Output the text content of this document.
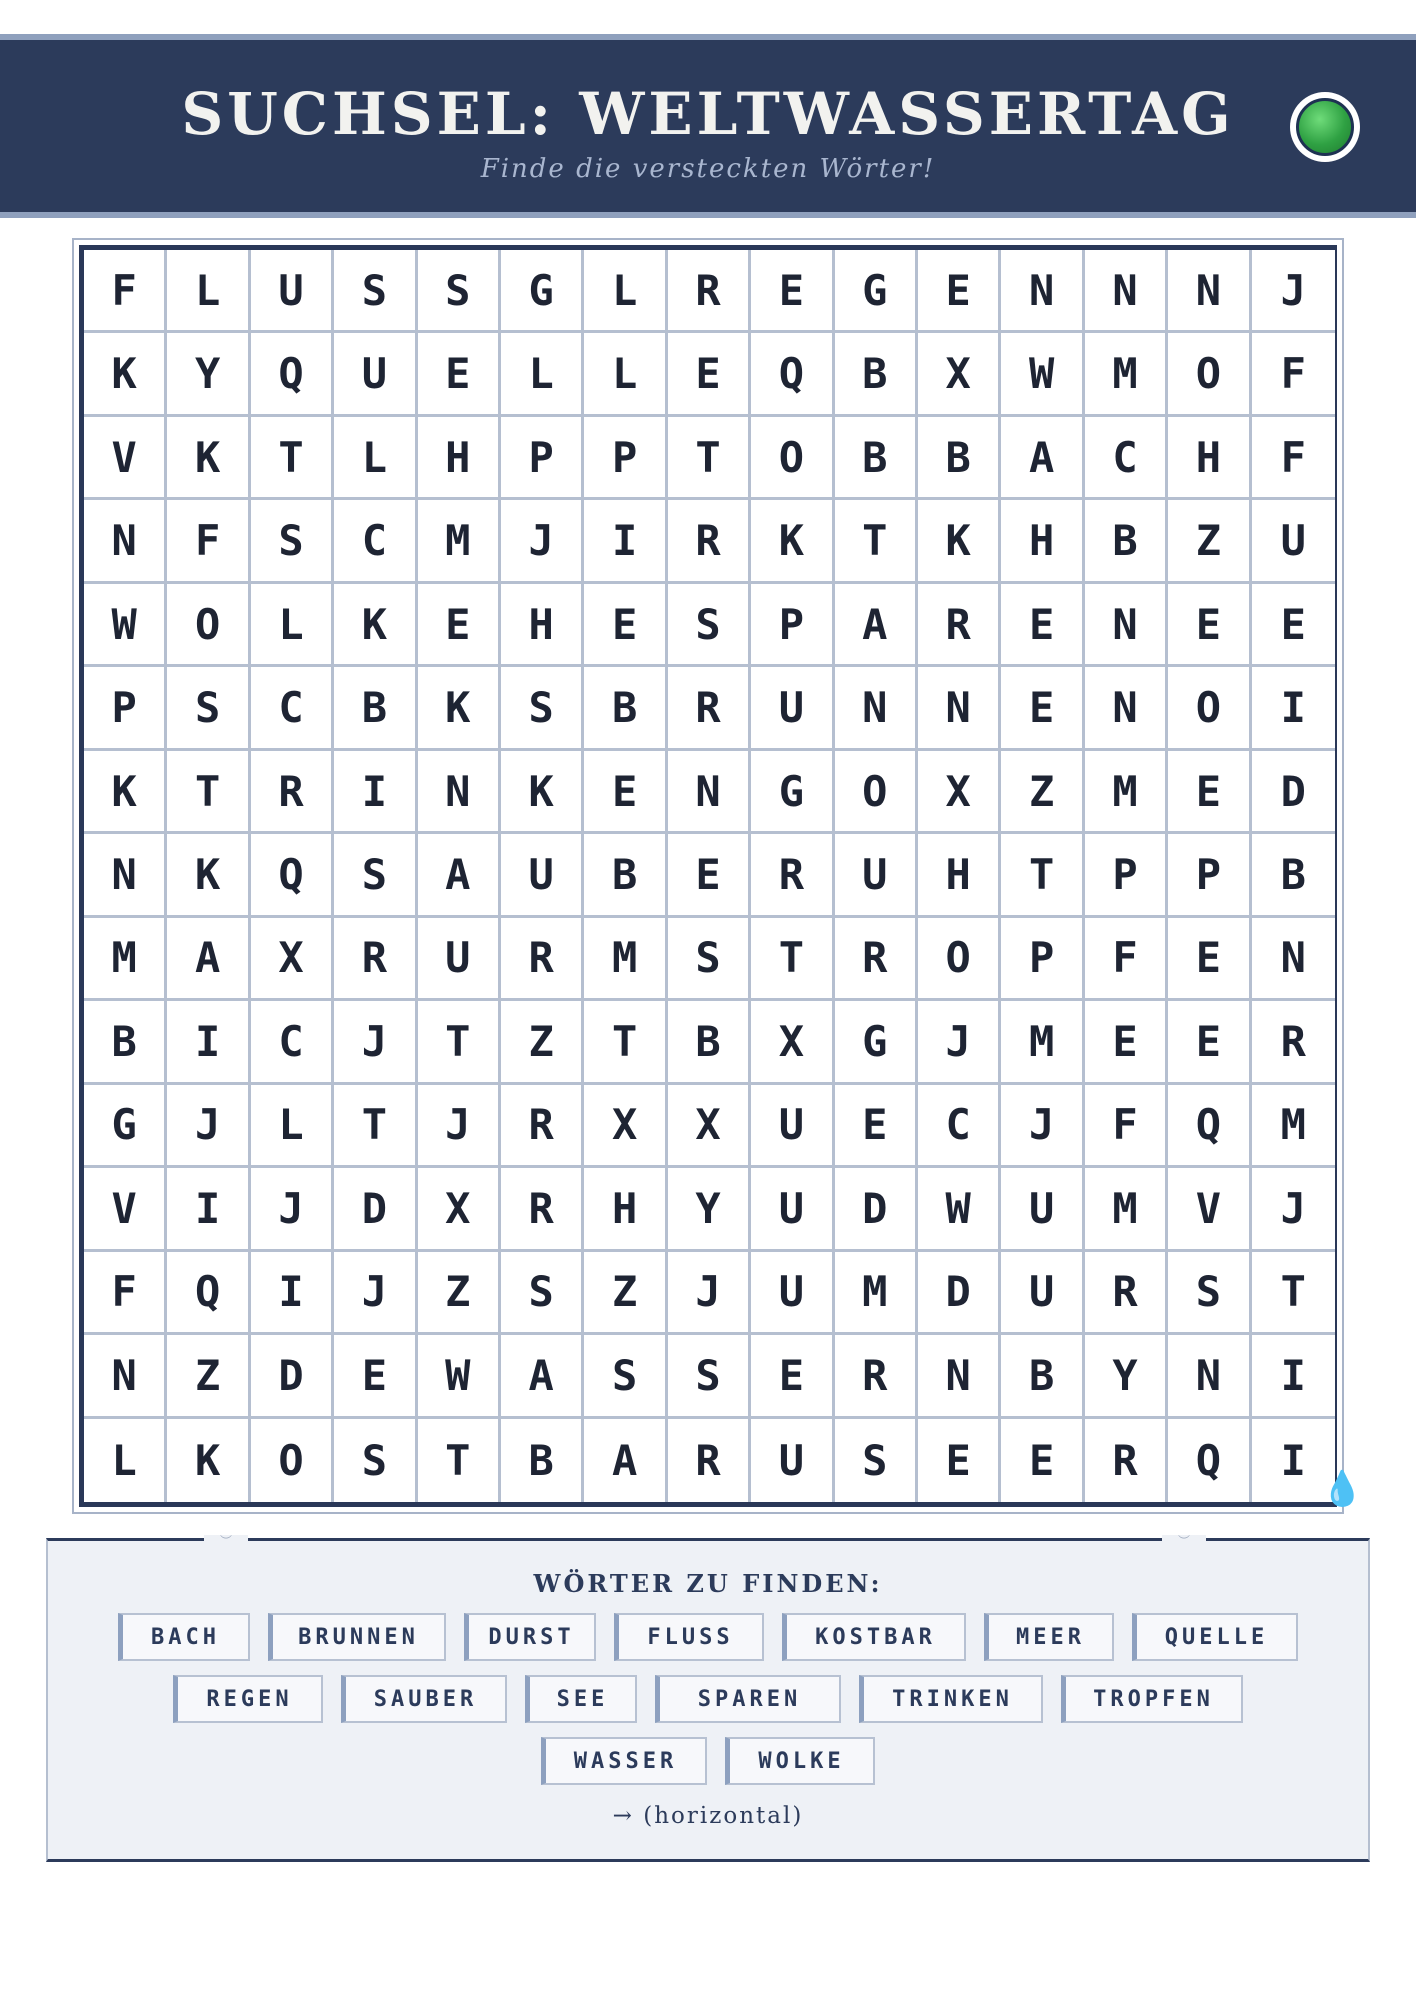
SUCHSEL: WELTWASSERTAG
Finde die versteckten Wörter!
F	L	U	S	S	G	L	R	E	G	E	N	N	N	J
K	Y	Q	U	E	L	L	E	Q	B	X	W	M	O	F
V	K	T	L	H	P	P	T	O	B	B	A	C	H	F
N	F	S	C	M	J	I	R	K	T	K	H	B	Z	U
W	O	L	K	E	H	E	S	P	A	R	E	N	E	E
P	S	C	B	K	S	B	R	U	N	N	E	N	O	I
K	T	R	I	N	K	E	N	G	O	X	Z	M	E	D
N	K	Q	S	A	U	B	E	R	U	H	T	P	P	B
M	A	X	R	U	R	M	S	T	R	O	P	F	E	N
B	I	C	J	T	Z	T	B	X	G	J	M	E	E	R
G	J	L	T	J	R	X	X	U	E	C	J	F	Q	M
V	I	J	D	X	R	H	Y	U	D	W	U	M	V	J
F	Q	I	J	Z	S	Z	J	U	M	D	U	R	S	T
N	Z	D	E	W	A	S	S	E	R	N	B	Y	N	I
L	K	O	S	T	B	A	R	U	S	E	E	R	Q	I
💧
︶	︶
WÖRTER ZU FINDEN:
BACH	BRUNNEN	DURST	FLUSS	KOSTBAR	MEER	QUELLE
REGEN	SAUBER	SEE	SPAREN	TRINKEN	TROPFEN
WASSER	WOLKE
→ (horizontal)
